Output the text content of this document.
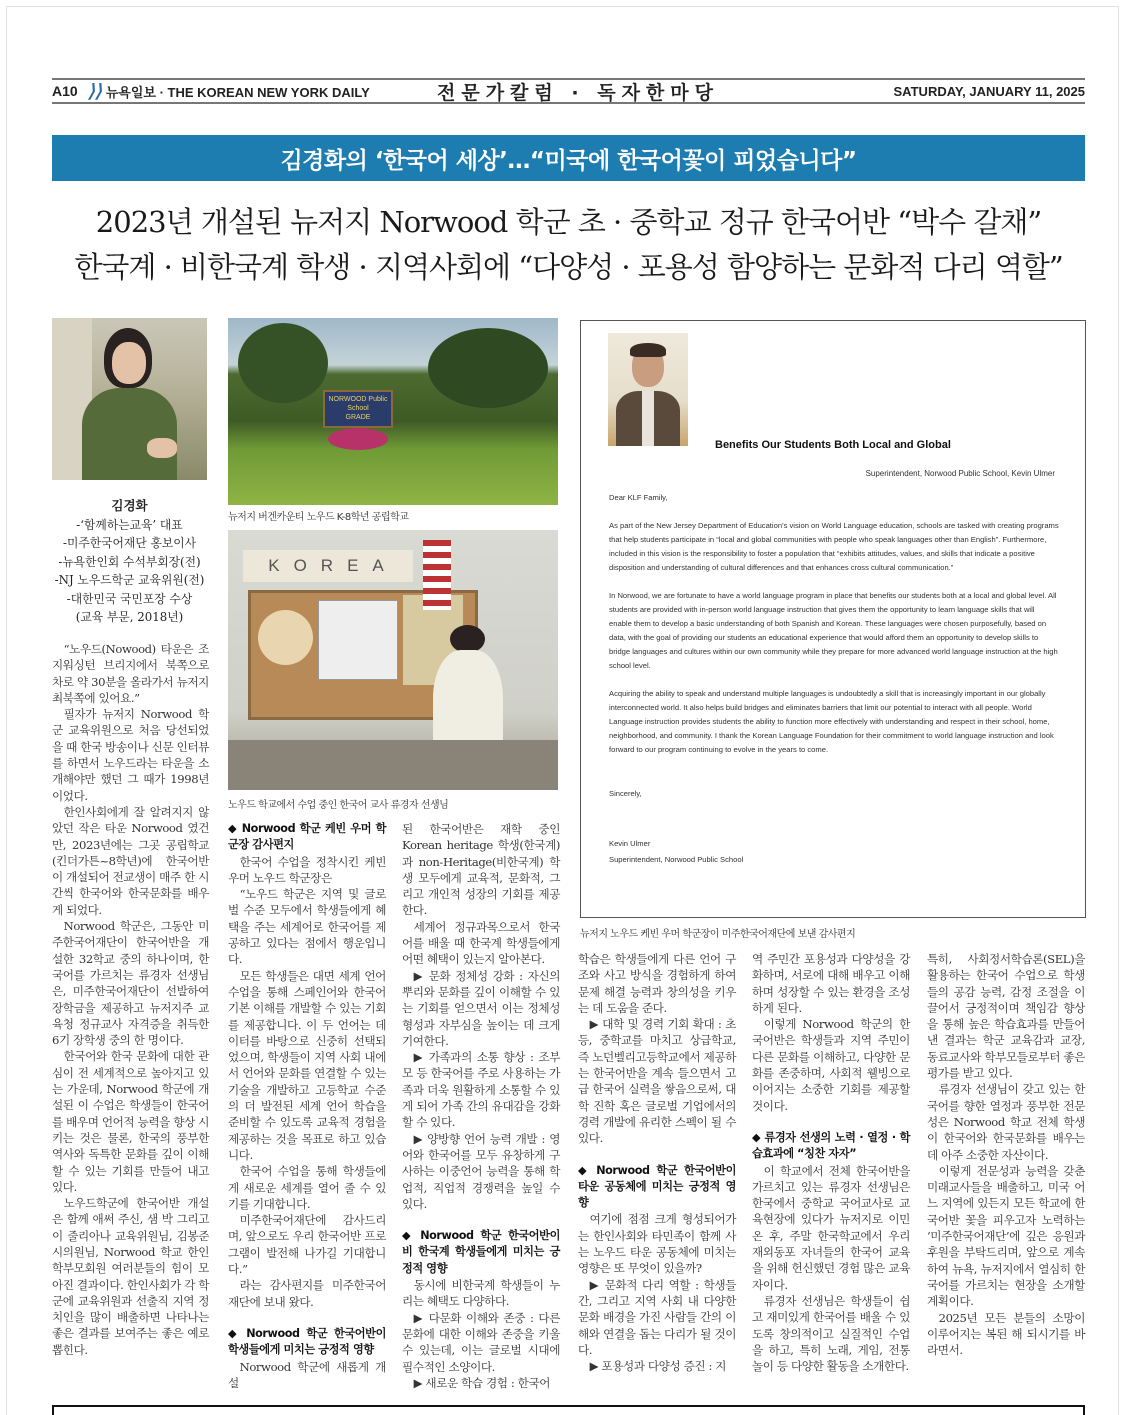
A10 ⟩⟩ 뉴욕일보 · THE KOREAN NEW YORK DAILY	전문가칼럼 · 독자한마당	SATURDAY, JANUARY 11, 2025
김경화의 ‘한국어 세상’…“미국에 한국어꽃이 피었습니다”
2023년 개설된 뉴저지 Norwood 학군 초 · 중학교 정규 한국어반 “박수 갈채”
한국계 · 비한국계 학생 · 지역사회에 “다양성 · 포용성 함양하는 문화적 다리 역할”
김경화
-‘함께하는교육’ 대표
-미주한국어재단 홍보이사
-뉴욕한인회 수석부회장(전)
-NJ 노우드학군 교육위원(전)
-대한민국 국민포장 수상
(교육 부문, 2018년)
NORWOOD Public School
GRADE
뉴저지 버겐카운티 노우드 K-8학년 공립학교
KOREA
노우드 학교에서 수업 중인 한국어 교사 류경자 선생님
Benefits Our Students Both Local and Global
Superintendent, Norwood Public School, Kevin Ulmer

Dear KLF Family,

As part of the New Jersey Department of Education’s vision on World Language education, schools are tasked with creating programs that help students participate in “local and global communities with people who speak languages other than English”. Furthermore, included in this vision is the responsibility to foster a population that “exhibits attitudes, values, and skills that indicate a positive disposition and understanding of cultural differences and that enhances cross cultural communication.”

In Norwood, we are fortunate to have a world language program in place that benefits our students both at a local and global level. All students are provided with in-person world language instruction that gives them the opportunity to learn language skills that will enable them to develop a basic understanding of both Spanish and Korean. These languages were chosen purposefully, based on data, with the goal of providing our students an educational experience that would afford them an opportunity to develop skills to bridge languages and cultures within our own community while they prepare for more advanced world language instruction at the high school level.

Acquiring the ability to speak and understand multiple languages is undoubtedly a skill that is increasingly important in our globally interconnected world. It also helps build bridges and eliminates barriers that limit our potential to interact with all people. World Language instruction provides students the ability to function more effectively with understanding and respect in their school, home, neighborhood, and community. I thank the Korean Language Foundation for their commitment to world language instruction and look forward to our program continuing to evolve in the years to come.

Sincerely,

Kevin Ulmer

Superintendent, Norwood Public School

뉴저지 노우드 케빈 우머 학군장이 미주한국어재단에 보낸 감사편지

“노우드(Nowood) 타운은 조지워싱턴 브리지에서 북쪽으로 차로 약 30분을 올라가서 뉴저지 최북쪽에 있어요.”

필자가 뉴저지 Norwood 학군 교육위원으로 처음 당선되었을 때 한국 방송이나 신문 인터뷰를 하면서 노우드라는 타운을 소개해야만 했던 그 때가 1998년이었다.

한인사회에게 잘 알려지지 않았던 작은 타운 Norwood 였건만, 2023년에는 그곳 공립학교(킨더가튼~8학년)에 한국어반이 개설되어 전교생이 매주 한 시간씩 한국어와 한국문화를 배우게 되었다.

Norwood 학군은, 그동안 미주한국어재단이 한국어반을 개설한 32학교 중의 하나이며, 한국어를 가르치는 류경자 선생님은, 미주한국어재단이 선발하여 장학금을 제공하고 뉴저지주 교육청 정규교사 자격증을 취득한 6기 장학생 중의 한 명이다.

한국어와 한국 문화에 대한 관심이 전 세계적으로 높아지고 있는 가운데, Norwood 학군에 개설된 이 수업은 학생들이 한국어를 배우며 언어적 능력을 향상 시키는 것은 물론, 한국의 풍부한 역사와 독특한 문화를 깊이 이해할 수 있는 기회를 만들어 내고 있다.

노우드학군에 한국어반 개설은 함께 애써 주신, 샘 박 그리고 이 줄리아나 교육위원님, 김봉준 시의원님, Norwood 학교 한인학부모회원 여러분들의 힘이 모아진 결과이다. 한인사회가 각 학군에 교육위원과 선출직 지역 정치인을 많이 배출하면 나타나는 좋은 결과를 보여주는 좋은 예로 뽑힌다.

◆ Norwood 학군 케빈 우머 학군장 감사편지

한국어 수업을 정착시킨 케빈 우머 노우드 학군장은

“노우드 학군은 지역 및 글로벌 수준 모두에서 학생들에게 혜택을 주는 세계어로 한국어를 제공하고 있다는 점에서 행운입니다.

모든 학생들은 대면 세계 언어 수업을 통해 스페인어와 한국어 기본 이해를 개발할 수 있는 기회를 제공합니다. 이 두 언어는 데이터를 바탕으로 신중히 선택되었으며, 학생들이 지역 사회 내에서 언어와 문화를 연결할 수 있는 기술을 개발하고 고등학교 수준의 더 발전된 세계 언어 학습을 준비할 수 있도록 교육적 경험을 제공하는 것을 목표로 하고 있습니다.

한국어 수업을 통해 학생들에게 새로운 세계를 열어 줄 수 있기를 기대합니다.

미주한국어재단에 감사드리며, 앞으로도 우리 한국어반 프로그램이 발전해 나가길 기대합니다.”

라는 감사편지를 미주한국어재단에 보내 왔다.

◆ Norwood 학군 한국어반이 학생들에게 미치는 긍정적 영향

Norwood 학군에 새롭게 개설

된 한국어반은 재학 중인 Korean heritage 학생(한국계)과 non-Heritage(비한국계) 학생 모두에게 교육적, 문화적, 그리고 개인적 성장의 기회를 제공한다.

세계어 정규과목으로서 한국어를 배울 때 한국계 학생들에게 어떤 혜택이 있는지 알아본다.

▶ 문화 정체성 강화 : 자신의 뿌리와 문화를 깊이 이해할 수 있는 기회를 얻으면서 이는 정체성 형성과 자부심을 높이는 데 크게 기여한다.

▶ 가족과의 소통 향상 : 조부모 등 한국어를 주로 사용하는 가족과 더욱 원활하게 소통할 수 있게 되어 가족 간의 유대감을 강화할 수 있다.

▶ 양방향 언어 능력 개발 : 영어와 한국어를 모두 유창하게 구사하는 이중언어 능력을 통해 학업적, 직업적 경쟁력을 높일 수 있다.

◆ Norwood 학군 한국어반이 비 한국계 학생들에게 미치는 긍정적 영향

동시에 비한국계 학생들이 누리는 혜택도 다양하다.

▶ 다문화 이해와 존중 : 다른 문화에 대한 이해와 존중을 키울 수 있는데, 이는 글로벌 시대에 필수적인 소양이다.

▶ 새로운 학습 경험 : 한국어

학습은 학생들에게 다른 언어 구조와 사고 방식을 경험하게 하여 문제 해결 능력과 창의성을 키우는 데 도움을 준다.

▶ 대학 및 경력 기회 확대 : 초등, 중학교를 마치고 상급학교, 즉 노던벨리고등학교에서 제공하는 한국어반을 계속 들으면서 고급 한국어 실력을 쌓음으로써, 대학 진학 혹은 글로벌 기업에서의 경력 개발에 유리한 스펙이 될 수 있다.

◆ Norwood 학군 한국어반이 타운 공동체에 미치는 긍정적 영향

여기에 점점 크게 형성되어가는 한인사회와 타민족이 함께 사는 노우드 타운 공동체에 미치는 영향은 또 무엇이 있을까?

▶ 문화적 다리 역할 : 학생들 간, 그리고 지역 사회 내 다양한 문화 배경을 가진 사람들 간의 이해와 연결을 돕는 다리가 될 것이다.

▶ 포용성과 다양성 증진 : 지

역 주민간 포용성과 다양성을 강화하며, 서로에 대해 배우고 이해하며 성장할 수 있는 환경을 조성하게 된다.

이렇게 Norwood 학군의 한국어반은 학생들과 지역 주민이 다른 문화를 이해하고, 다양한 문화를 존중하며, 사회적 웰빙으로 이어지는 소중한 기회를 제공할 것이다.

◆ 류경자 선생의 노력 · 열정 · 학습효과에 “칭찬 자자”

이 학교에서 전체 한국어반을 가르치고 있는 류경자 선생님은 한국에서 중학교 국어교사로 교육현장에 있다가 뉴저지로 이민 온 후, 주말 한국학교에서 우리 재외동포 자녀들의 한국어 교육을 위해 헌신했던 경험 많은 교육자이다.

류경자 선생님은 학생들이 쉽고 재미있게 한국어를 배울 수 있도록 창의적이고 실질적인 수업을 하고, 특히 노래, 게임, 전통 놀이 등 다양한 활동을 소개한다.

특히, 사회정서학습론(SEL)을 활용하는 한국어 수업으로 학생들의 공감 능력, 감정 조절을 이끌어서 긍정적이며 책임감 향상을 통해 높은 학습효과를 만들어 낸 결과는 학군 교육감과 교장, 동료교사와 학부모들로부터 좋은 평가를 받고 있다.

류경자 선생님이 갖고 있는 한국어를 향한 열정과 풍부한 전문성은 Norwood 학교 전체 학생이 한국어와 한국문화를 배우는데 아주 소중한 자산이다.

이렇게 전문성과 능력을 갖춘 미래교사들을 배출하고, 미국 어느 지역에 있든지 모든 학교에 한국어반 꽃을 피우고자 노력하는 ‘미주한국어재단’에 깊은 응원과 후원을 부탁드리며, 앞으로 계속하여 뉴욕, 뉴저지에서 열심히 한국어를 가르치는 현장을 소개할 계획이다.

2025년 모든 분들의 소망이 이루어지는 복된 해 되시기를 바라면서.
